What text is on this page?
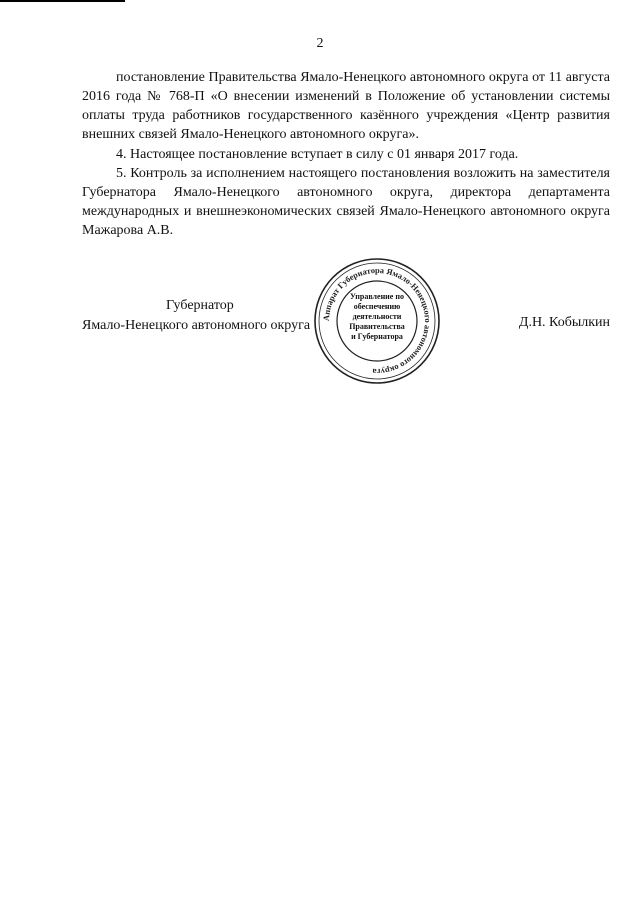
2

постановление Правительства Ямало-Ненецкого автономного округа от 11 августа 2016 года № 768-П «О внесении изменений в Положение об установлении системы оплаты труда работников государственного казённого учреждения «Центр развития внешних связей Ямало-Ненецкого автономного округа».

4. Настоящее постановление вступает в силу с 01 января 2017 года.

5. Контроль за исполнением настоящего постановления возложить на заместителя Губернатора Ямало-Ненецкого автономного округа, директора департамента международных и внешнеэкономических связей Ямало-Ненецкого автономного округа Мажарова А.В.

Губернатор
Ямало-Ненецкого автономного округа
Аппарат Губернатора Ямало-Ненецкого автономного округа
Управление по
обеспечению
деятельности
Правительства
и Губернатора
Д.Н. Кобылкин
